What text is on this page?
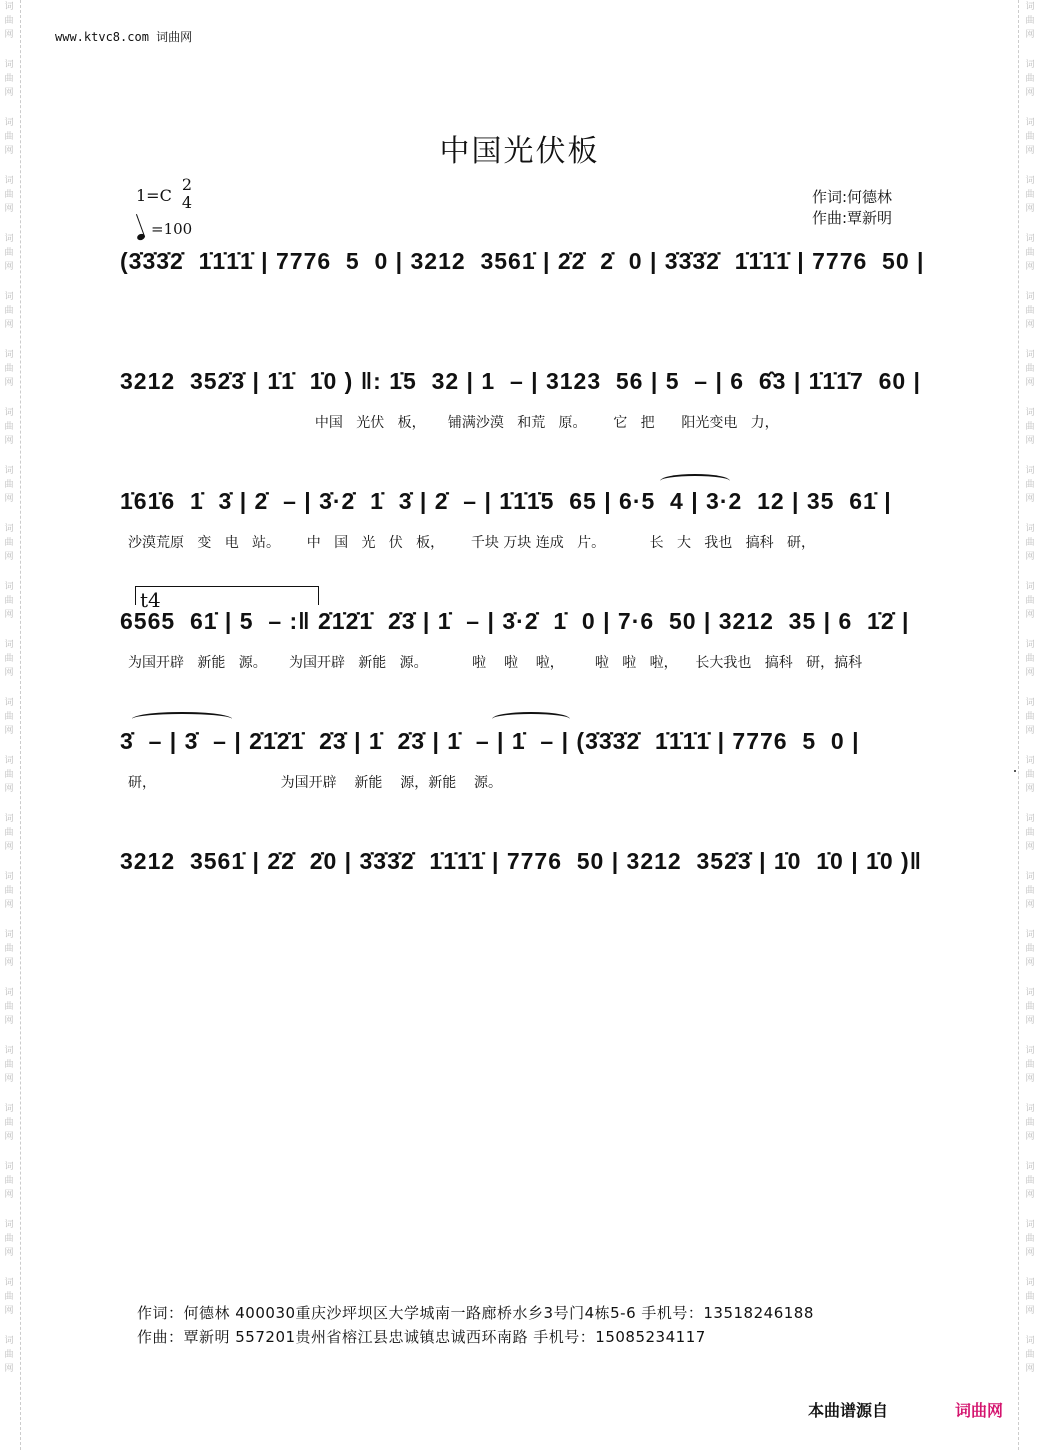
词
曲
网
词
曲
网
词
曲
网
词
曲
网
词
曲
网
词
曲
网
词
曲
网
词
曲
网
词
曲
网
词
曲
网
词
曲
网
词
曲
网
词
曲
网
词
曲
网
词
曲
网
词
曲
网
词
曲
网
词
曲
网
词
曲
网
词
曲
网
词
曲
网
词
曲
网
词
曲
网
词
曲
网
词
曲
网
词
曲
网
词
曲
网
词
曲
网
词
曲
网
词
曲
网
词
曲
网
词
曲
网
词
曲
网
词
曲
网
词
曲
网
词
曲
网
词
曲
网
词
曲
网
词
曲
网
词
曲
网
词
曲
网
词
曲
网
词
曲
网
词
曲
网
词
曲
网
词
曲
网
词
曲
网
词
曲
网
www.ktvc8.com 词曲网
中国光伏板
1=C
2
4
=100
作词:何德林
作曲:覃新明
(3̇3̇3̇2̇  1̇1̇1̇1̇ | 7776  5  0 | 3212  3561̇ | 2̇2̇  2̇  0 | 3̇3̇3̇2̇  1̇1̇1̇1̇ | 7776  50 |
3212  352̇3̇ | 1̇1̇  1̇0 ) ‖: 1̇5  32 | 1  – | 3123  56 | 5  – | 6  6̂3 | 1̇1̇1̇7  60 |
中国   光伏   板，     铺满沙漠   和荒   原。      它   把      阳光变电   力，
1̇61̇6  1̇  3̇ | 2̇  – | 3̇·2̇  1̇  3̇ | 2̇  – | 1̇1̇1̇5  65 | 6·5  4 | 3·2  12 | 35  61̇ |
沙漠荒原   变   电   站。      中   国   光   伏   板，      千块 万块 连成   片。          长   大   我也   搞科   研，
t4
6565  61̇ | 5  – :‖ 2̇1̇2̇1̇  2̇3̇ | 1̇  – | 3̇·2̇  1̇  0 | 7·6  50 | 3212  35 | 6  1̇2̇ |
为国开辟   新能   源。     为国开辟   新能   源。          啦    啦    啦，       啦   啦   啦，    长大我也   搞科   研，搞科
3̇  – | 3̇  – | 2̇1̇2̇1̇  2̇3̇ | 1̇  2̇3̇ | 1̇  – | 1̇  – | (3̇3̇3̇2̇  1̇1̇1̇1̇ | 7776  5  0 |
研，                            为国开辟    新能    源，新能    源。
3212  3561̇ | 2̇2̇  2̇0 | 3̇3̇3̇2̇  1̇1̇1̇1̇ | 7776  50 | 3212  352̇3̇ | 1̇0  1̇0 | 1̇0 )‖
作词：何德林 400030重庆沙坪坝区大学城南一路廊桥水乡3号门4栋5-6 手机号：13518246188
作曲：覃新明 557201贵州省榕江县忠诚镇忠诚西环南路 手机号：15085234117
本曲谱源自	词曲网
